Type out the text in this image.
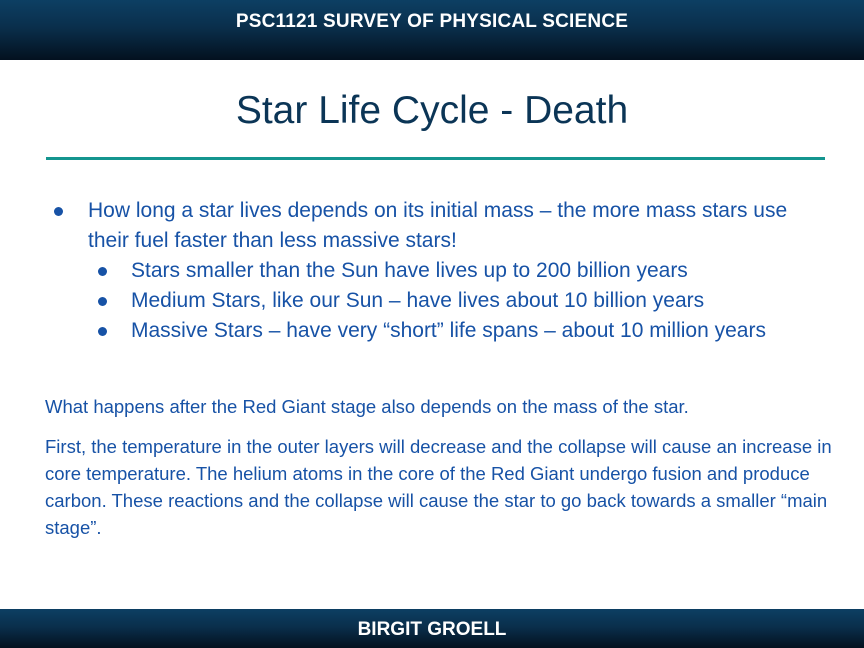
PSC1121 SURVEY OF PHYSICAL SCIENCE
Star Life Cycle - Death
How long a star lives depends on its initial mass – the more mass stars use their fuel faster than less massive stars!
Stars smaller than the Sun have lives up to 200 billion years
Medium Stars, like our Sun – have lives about 10 billion years
Massive Stars – have very “short” life spans – about 10 million years
What happens after the Red Giant stage also depends on the mass of the star.
First, the temperature in the outer layers will decrease and the collapse will cause an increase in core temperature. The helium atoms in the core of the Red Giant undergo fusion and produce carbon. These reactions and the collapse will cause the star to go back towards a smaller “main stage”.
BIRGIT GROELL
